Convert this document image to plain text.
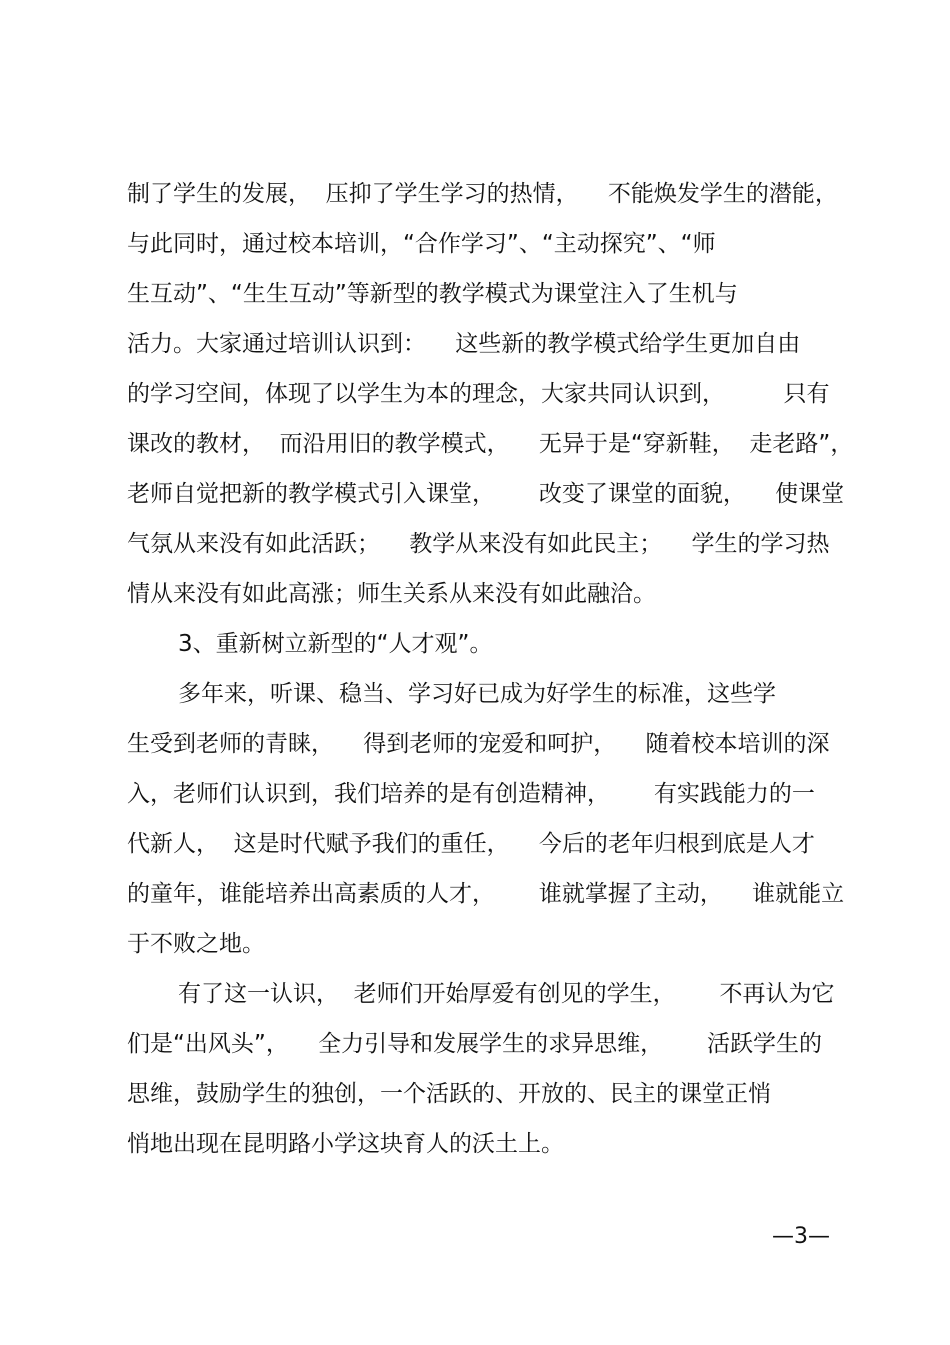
制了学生的发展，  压抑了学生学习的热情，    不能焕发学生的潜能，
与此同时，通过校本培训，“合作学习”、“主动探究”、“师
生互动”、“生生互动”等新型的教学模式为课堂注入了生机与
活力。大家通过培训认识到：    这些新的教学模式给学生更加自由
的学习空间，体现了以学生为本的理念，大家共同认识到，        只有
课改的教材，  而沿用旧的教学模式，    无异于是“穿新鞋，  走老路”，
老师自觉把新的教学模式引入课堂，      改变了课堂的面貌，    使课堂
气氛从来没有如此活跃；    教学从来没有如此民主；    学生的学习热
情从来没有如此高涨；师生关系从来没有如此融洽。
3、重新树立新型的“人才观”。
多年来，听课、稳当、学习好已成为好学生的标准，这些学
生受到老师的青睐，    得到老师的宠爱和呵护，    随着校本培训的深
入，老师们认识到，我们培养的是有创造精神，      有实践能力的一
代新人，  这是时代赋予我们的重任，    今后的老年归根到底是人才
的童年，谁能培养出高素质的人才，      谁就掌握了主动，    谁就能立
于不败之地。
有了这一认识，  老师们开始厚爱有创见的学生，      不再认为它
们是“出风头”，    全力引导和发展学生的求异思维，      活跃学生的
思维，鼓励学生的独创，一个活跃的、开放的、民主的课堂正悄
悄地出现在昆明路小学这块育人的沃土上。
—3—
